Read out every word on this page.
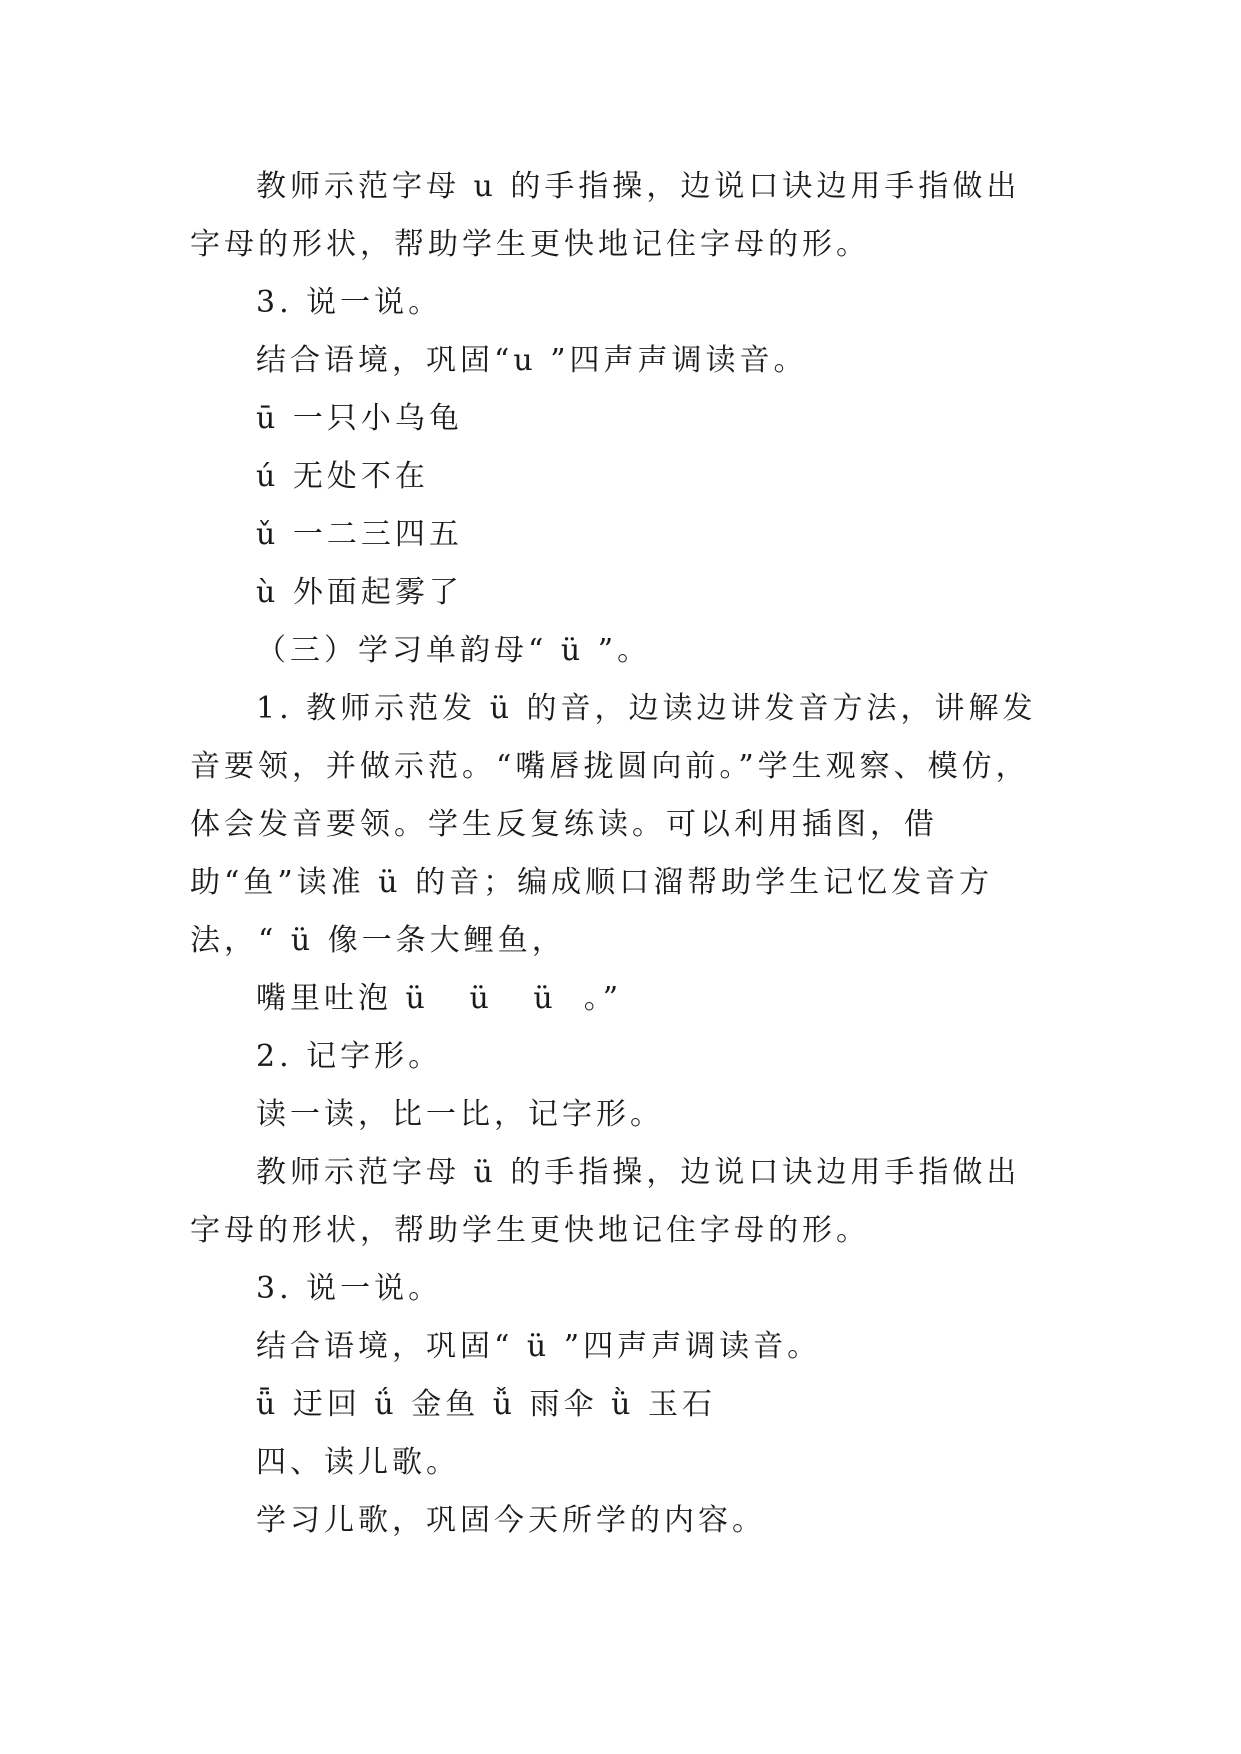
教师示范字母 u 的手指操，边说口诀边用手指做出字母的形状，帮助学生更快地记住字母的形。

3. 说一说。

结合语境，巩固“u ”四声声调读音。

ū 一只小乌龟

ú 无处不在

ǔ 一二三四五

ù 外面起雾了

（三）学习单韵母“ ü ”。

1. 教师示范发 ü 的音，边读边讲发音方法，讲解发音要领，并做示范。“嘴唇拢圆向前。”学生观察、模仿，体会发音要领。学生反复练读。可以利用插图，借助“鱼”读准 ü 的音；编成顺口溜帮助学生记忆发音方法，“ ü 像一条大鲤鱼，

嘴里吐泡 ü   ü   ü  。”

2. 记字形。

读一读，比一比，记字形。

教师示范字母 ü 的手指操，边说口诀边用手指做出字母的形状，帮助学生更快地记住字母的形。

3. 说一说。

结合语境，巩固“ ü ”四声声调读音。

ǖ 迂回 ǘ 金鱼 ǚ 雨伞 ǜ 玉石

四、读儿歌。

学习儿歌，巩固今天所学的内容。
